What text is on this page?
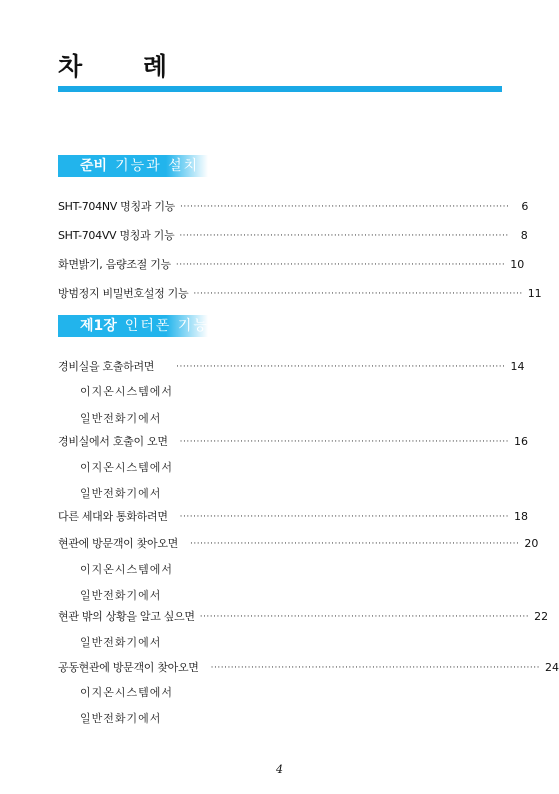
차 례
준비 기능과 설치
SHT-704NV 명칭과 기능 ··································································································	6
SHT-704VV 명칭과 기능 ··································································································	8
화면밝기, 음량조절 기능 ·································································································· 10
방범정지 비밀번호설정 기능 ·································································································· 11
제1장 인터폰 기능
경비실을 호출하려면 ·································································································· 14
이지온시스템에서
일반전화기에서
경비실에서 호출이 오면 ·································································································· 16
이지온시스템에서
일반전화기에서
다른 세대와 통화하려면 ·································································································· 18
현관에 방문객이 찾아오면 ·································································································· 20
이지온시스템에서
일반전화기에서
현관 밖의 상황을 알고 싶으면 ·································································································· 22
일반전화기에서
공동현관에 방문객이 찾아오면 ·································································································· 24
이지온시스템에서
일반전화기에서
4
